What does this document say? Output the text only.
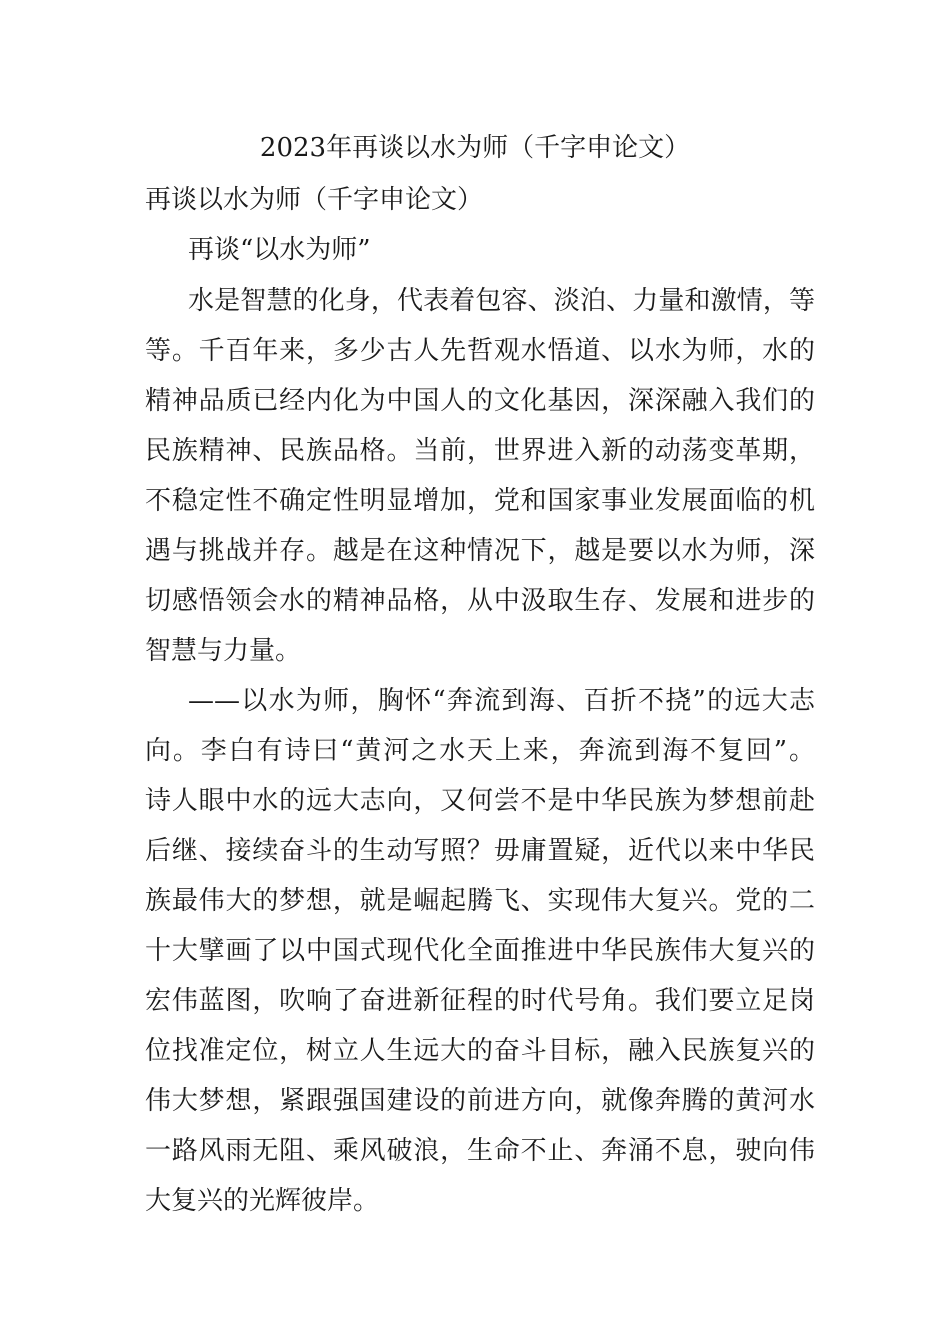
2023年再谈以水为师（千字申论文）
再谈以水为师（千字申论文）
再谈“以水为师”
水是智慧的化身，代表着包容、淡泊、力量和激情，等
等。千百年来，多少古人先哲观水悟道、以水为师，水的
精神品质已经内化为中国人的文化基因，深深融入我们的
民族精神、民族品格。当前，世界进入新的动荡变革期，
不稳定性不确定性明显增加，党和国家事业发展面临的机
遇与挑战并存。越是在这种情况下，越是要以水为师，深
切感悟领会水的精神品格，从中汲取生存、发展和进步的
智慧与力量。
——以水为师，胸怀“奔流到海、百折不挠”的远大志
向。李白有诗曰“黄河之水天上来，奔流到海不复回”。
诗人眼中水的远大志向，又何尝不是中华民族为梦想前赴
后继、接续奋斗的生动写照？毋庸置疑，近代以来中华民
族最伟大的梦想，就是崛起腾飞、实现伟大复兴。党的二
十大擘画了以中国式现代化全面推进中华民族伟大复兴的
宏伟蓝图，吹响了奋进新征程的时代号角。我们要立足岗
位找准定位，树立人生远大的奋斗目标，融入民族复兴的
伟大梦想，紧跟强国建设的前进方向，就像奔腾的黄河水
一路风雨无阻、乘风破浪，生命不止、奔涌不息，驶向伟
大复兴的光辉彼岸。
